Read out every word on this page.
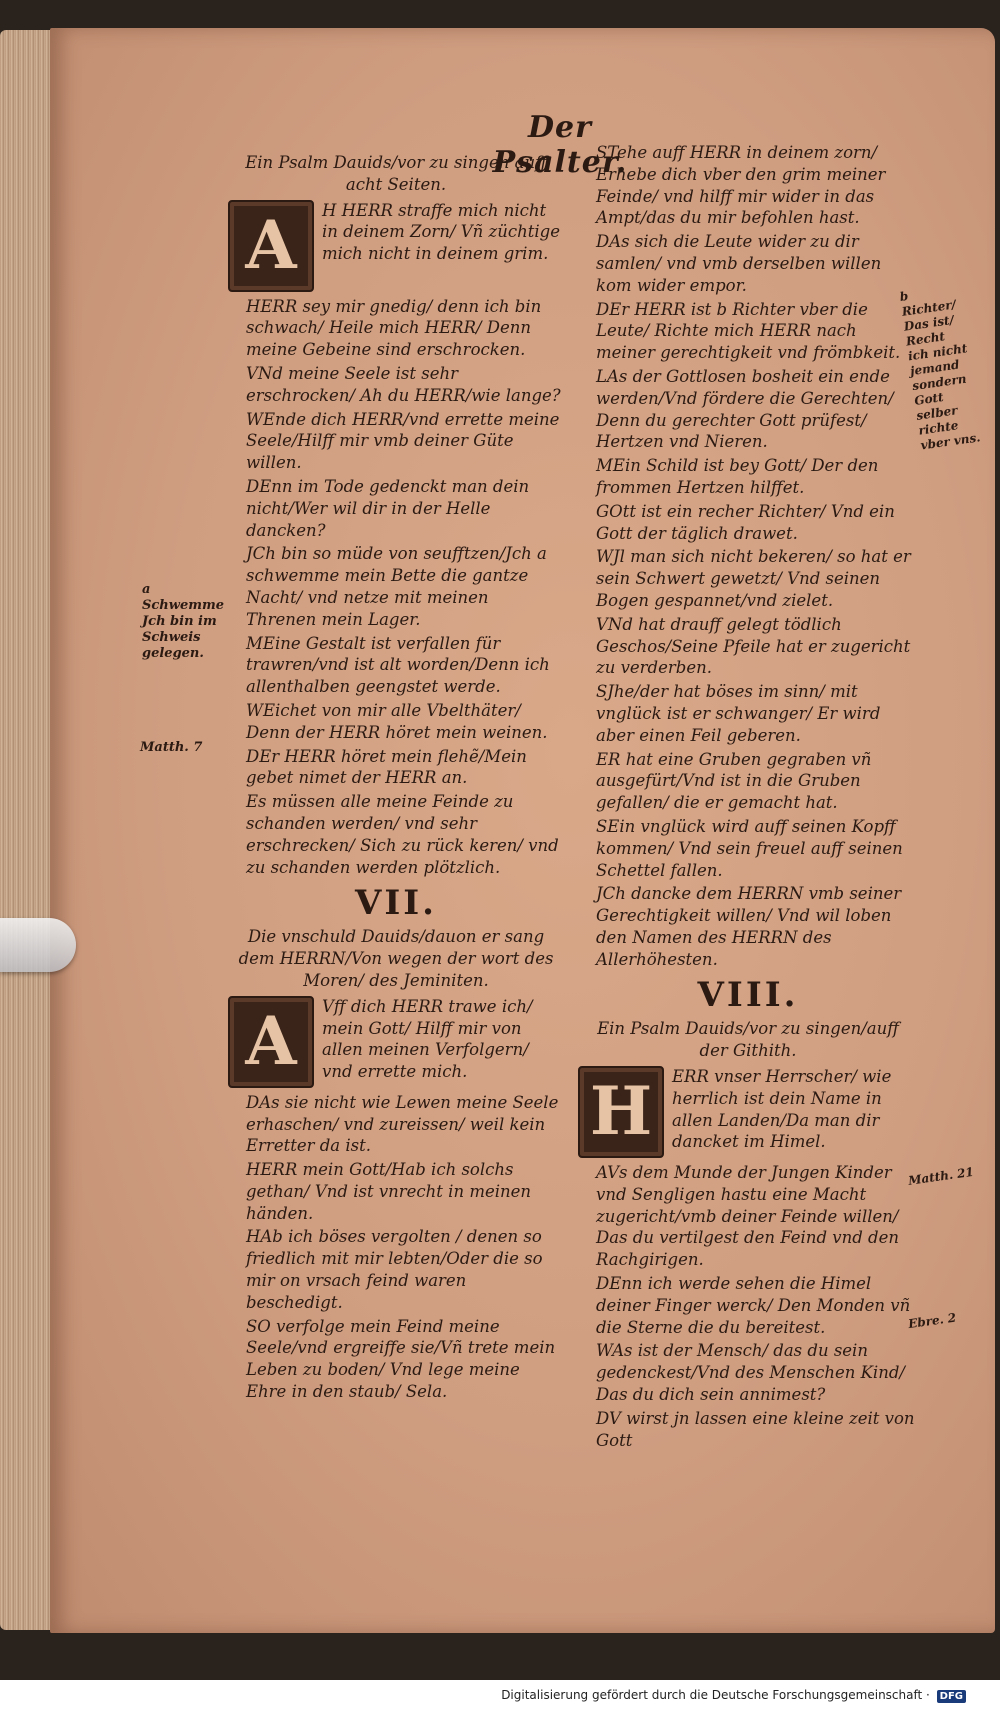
Der Psalter.

Ein Psalm Dauids/vor zu singen auff acht Seiten.

A	H HERR straffe mich nicht in deinem Zorn/ Vñ züchtige mich nicht in deinem grim.

HERR sey mir gnedig/ denn ich bin schwach/ Heile mich HERR/ Denn meine Gebeine sind erschrocken.

VNd meine Seele ist sehr erschrocken/ Ah du HERR/wie lange?

WEnde dich HERR/vnd errette meine Seele/Hilff mir vmb deiner Güte willen.

DEnn im Tode gedenckt man dein nicht/Wer wil dir in der Helle dancken?

JCh bin so müde von seufftzen/Jch a schwemme mein Bette die gantze Nacht/ vnd netze mit meinen Threnen mein Lager.

MEine Gestalt ist verfallen für trawren/vnd ist alt worden/Denn ich allenthalben geengstet werde.

WEichet von mir alle Vbelthäter/ Denn der HERR höret mein weinen.

DEr HERR höret mein flehẽ/Mein gebet nimet der HERR an.

Es müssen alle meine Feinde zu schanden werden/ vnd sehr erschrecken/ Sich zu rück keren/ vnd zu schanden werden plötzlich.

VII.

Die vnschuld Dauids/dauon er sang dem HERRN/Von wegen der wort des Moren/ des Jeminiten.

A	Vff dich HERR trawe ich/ mein Gott/ Hilff mir von allen meinen Verfolgern/ vnd errette mich.

DAs sie nicht wie Lewen meine Seele erhaschen/ vnd zureissen/ weil kein Erretter da ist.

HERR mein Gott/Hab ich solchs gethan/ Vnd ist vnrecht in meinen händen.

HAb ich böses vergolten / denen so friedlich mit mir lebten/Oder die so mir on vrsach feind waren beschedigt.

SO verfolge mein Feind meine Seele/vnd ergreiffe sie/Vñ trete mein Leben zu boden/ Vnd lege meine Ehre in den staub/ Sela.

STehe auff HERR in deinem zorn/ Erhebe dich vber den grim meiner Feinde/ vnd hilff mir wider in das Ampt/das du mir befohlen hast.

DAs sich die Leute wider zu dir samlen/ vnd vmb derselben willen kom wider empor.

DEr HERR ist b Richter vber die Leute/ Richte mich HERR nach meiner gerechtigkeit vnd frömbkeit.

LAs der Gottlosen bosheit ein ende werden/Vnd fördere die Gerechten/ Denn du gerechter Gott prüfest/ Hertzen vnd Nieren.

MEin Schild ist bey Gott/ Der den frommen Hertzen hilffet.

GOtt ist ein recher Richter/ Vnd ein Gott der täglich drawet.

WJl man sich nicht bekeren/ so hat er sein Schwert gewetzt/ Vnd seinen Bogen gespannet/vnd zielet.

VNd hat drauff gelegt tödlich Geschos/Seine Pfeile hat er zugericht zu verderben.

SJhe/der hat böses im sinn/ mit vnglück ist er schwanger/ Er wird aber einen Feil geberen.

ER hat eine Gruben gegraben vñ ausgefürt/Vnd ist in die Gruben gefallen/ die er gemacht hat.

SEin vnglück wird auff seinen Kopff kommen/ Vnd sein freuel auff seinen Schettel fallen.

JCh dancke dem HERRN vmb seiner Gerechtigkeit willen/ Vnd wil loben den Namen des HERRN des Allerhöhesten.

VIII.

Ein Psalm Dauids/vor zu singen/auff der Githith.

H	ERR vnser Herrscher/ wie herrlich ist dein Name in allen Landen/Da man dir dancket im Himel.

AVs dem Munde der Jungen Kinder vnd Sengligen hastu eine Macht zugericht/vmb deiner Feinde willen/ Das du vertilgest den Feind vnd den Rachgirigen.

DEnn ich werde sehen die Himel deiner Finger werck/ Den Monden vñ die Sterne die du bereitest.

WAs ist der Mensch/ das du sein gedenckest/Vnd des Menschen Kind/ Das du dich sein annimest?

DV wirst jn lassen eine kleine zeit von Gott

a Schwemme Jch bin im Schweis gelegen.
Matth. 7
b Richter/ Das ist/ Recht ich nicht jemand sondern Gott selber richte vber vns.
Matth. 21
Ebre. 2
Digitalisierung gefördert durch die Deutsche Forschungsgemeinschaft · DFG
